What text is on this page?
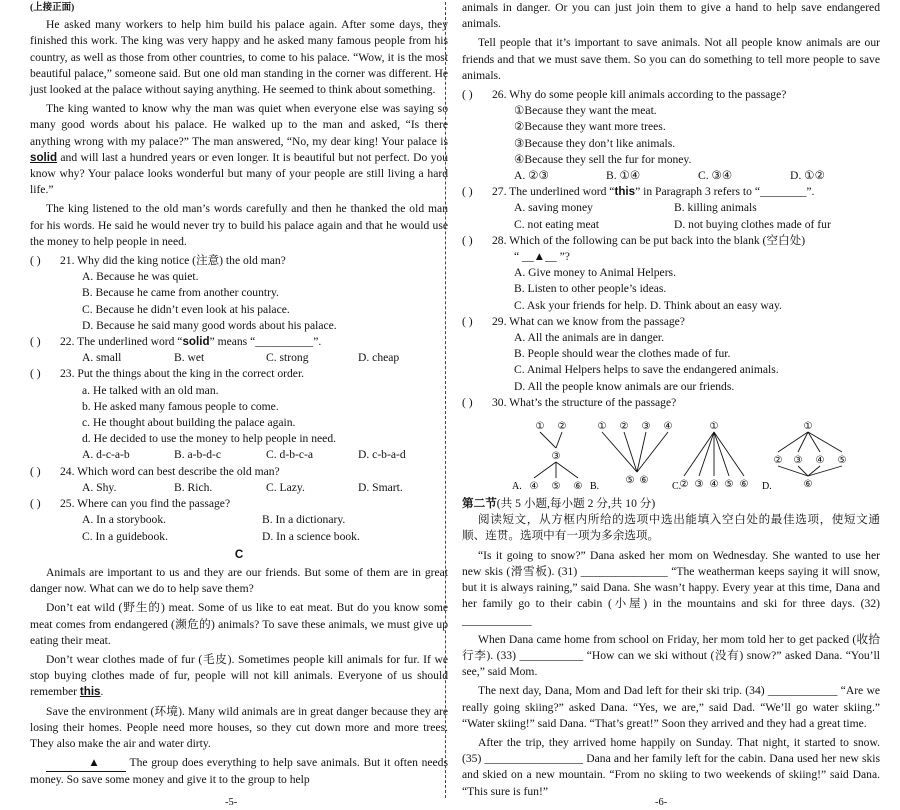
(上接正面)

He asked many workers to help him build his palace again. After some days, they finished this work. The king was very happy and he asked many famous people from his country, as well as those from other countries, to come to his palace. “Wow, it is the most beautiful palace,” someone said. But one old man standing in the corner was different. He just looked at the palace without saying anything. He seemed to think about something.

The king wanted to know why the man was quiet when everyone else was saying so many good words about his palace. He walked up to the man and asked, “Is there anything wrong with my palace?” The man answered, “No, my dear king! Your palace is solid and will last a hundred years or even longer. It is beautiful but not perfect. Do you know why? Your palace looks wonderful but many of your people are still living a hard life.”

The king listened to the old man’s words carefully and then he thanked the old man for his words. He said he would never try to build his palace again and that he would use the money to help people in need.

( )	21. Why did the king notice (注意) the old man?
A. Because he was quiet.
B. Because he came from another country.
C. Because he didn’t even look at his palace.
D. Because he said many good words about his palace.
( )	22. The underlined word “solid” means “__________”.
A. small	B. wet	C. strong	D. cheap
( )	23. Put the things about the king in the correct order.
a. He talked with an old man.
b. He asked many famous people to come.
c. He thought about building the palace again.
d. He decided to use the money to help people in need.
A. d-c-a-b	B. a-b-d-c	C. d-b-c-a	D. c-b-a-d
( )	24. Which word can best describe the old man?
A. Shy.	B. Rich.	C. Lazy.	D. Smart.
( )	25. Where can you find the passage?
A. In a storybook.	B. In a dictionary.
C. In a guidebook.	D. In a science book.
C

Animals are important to us and they are our friends. But some of them are in great danger now. What can we do to help save them?

Don’t eat wild (野生的) meat. Some of us like to eat meat. But do you know some meat comes from endangered (濒危的) animals? To save these animals, we must give up eating their meat.

Don’t wear clothes made of fur (毛皮). Sometimes people kill animals for fur. If we stop buying clothes made of fur, people will not kill animals. Everyone of us should remember this.

Save the environment (环境). Many wild animals are in great danger because they are losing their homes. People need more houses, so they cut down more and more trees. They also make the air and water dirty.

▲ The group does everything to help save animals. But it often needs money. So save some money and give it to the group to help

-5-

animals in danger. Or you can just join them to give a hand to help save endangered animals.

Tell people that it’s important to save animals. Not all people know animals are our friends and that we must save them. So you can do something to tell more people to save animals.

( )	26. Why do some people kill animals according to the passage?
①Because they want the meat.
②Because they want more trees.
③Because they don’t like animals.
④Because they sell the fur for money.
A. ②③	B. ①④	C. ③④	D. ①②
( )	27. The underlined word “this” in Paragraph 3 refers to “________”.
A. saving money	B. killing animals
C. not eating meat	D. not buying clothes made of fur
( )	28. Which of the following can be put back into the blank (空白处)
“ __▲__ ”?
A. Give money to Animal Helpers.
B. Listen to other people’s ideas.
C. Ask your friends for help. D. Think about an easy way.
( )	29. What can we know from the passage?
A. All the animals are in danger.
B. People should wear the clothes made of fur.
C. Animal Helpers helps to save the endangered animals.
D. All the people know animals are our friends.
( )	30. What’s the structure of the passage?
① ②
③
④ ⑤ ⑥
A.
① ② ③ ④
⑤ ⑥
B.
①
② ③ ④ ⑤ ⑥
C.
①
② ③ ④ ⑤
⑥
D.
第二节(共 5 小题,每小题 2 分,共 10 分)

阅读短文，从方框内所给的选项中选出能填入空白处的最佳选项，使短文通顺、连贯。选项中有一项为多余选项。

“Is it going to snow?” Dana asked her mom on Wednesday. She wanted to use her new skis (滑雪板). (31) _______________ “The weatherman keeps saying it will snow, but it is always raining,” said Dana. She wasn’t happy. Every year at this time, Dana and her family go to their cabin (小屋) in the mountains and ski for three days. (32) ____________

When Dana came home from school on Friday, her mom told her to get packed (收拾行李). (33) ___________ “How can we ski without (没有) snow?” asked Dana. “You’ll see,” said Mom.

The next day, Dana, Mom and Dad left for their ski trip. (34) ____________ “Are we really going skiing?” asked Dana. “Yes, we are,” said Dad. “We’ll go water skiing.” “Water skiing!” said Dana. “That’s great!” Soon they arrived and they had a great time.

After the trip, they arrived home happily on Sunday. That night, it started to snow. (35) _________________ Dana and her family left for the cabin. Dana used her new skis and skied on a new mountain. “From no skiing to two weekends of skiing!” said Dana. “This sure is fun!”

-6-
